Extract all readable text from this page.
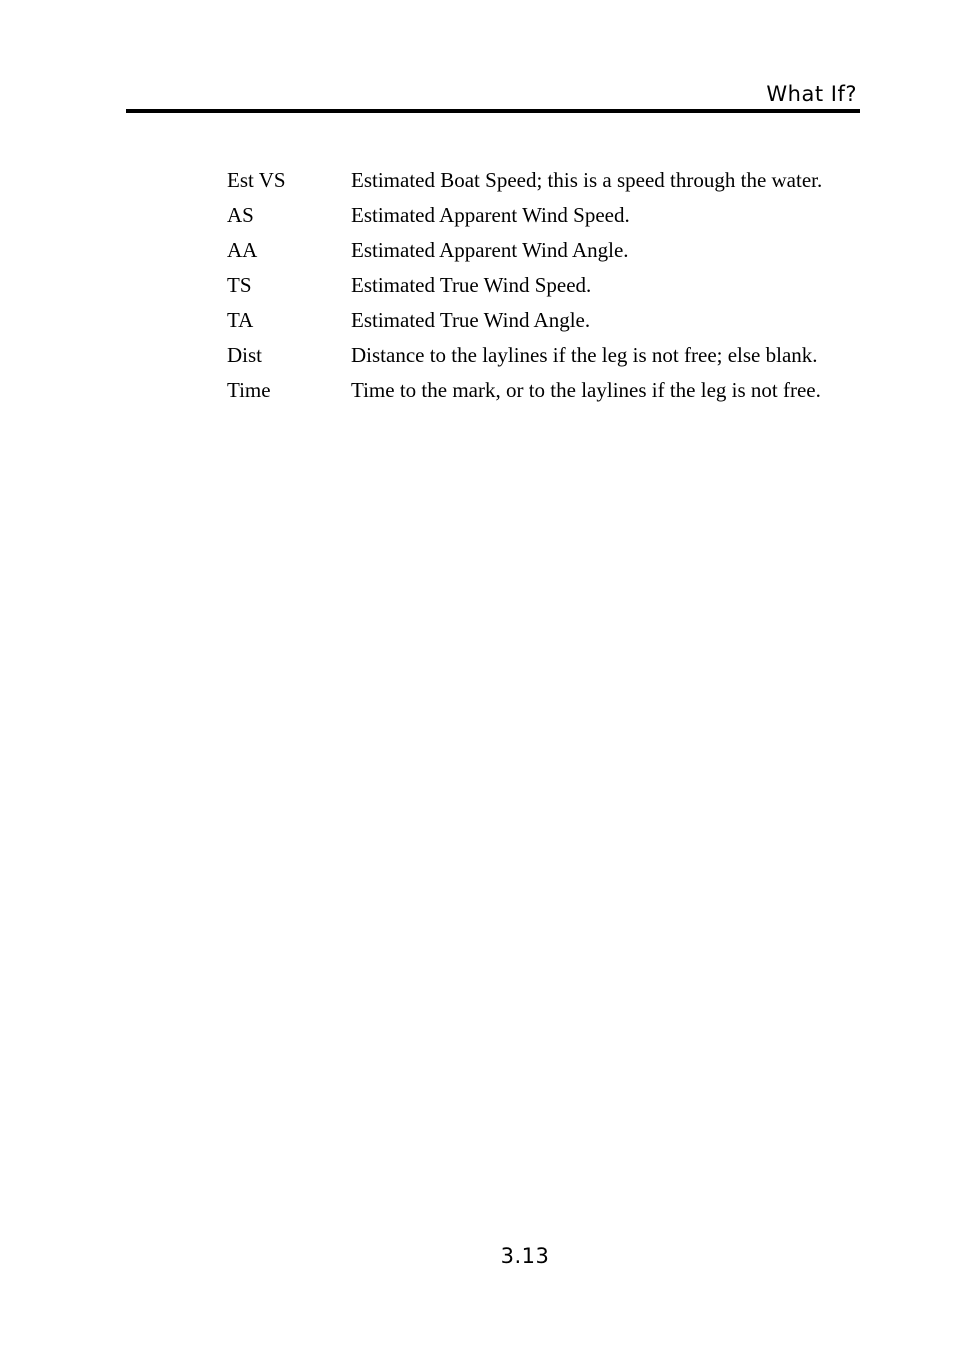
What If?
Est VS	Estimated Boat Speed; this is a speed through the water.
AS	Estimated Apparent Wind Speed.
AA	Estimated Apparent Wind Angle.
TS	Estimated True Wind Speed.
TA	Estimated True Wind Angle.
Dist	Distance to the laylines if the leg is not free; else blank.
Time	Time to the mark, or to the laylines if the leg is not free.
3.13
